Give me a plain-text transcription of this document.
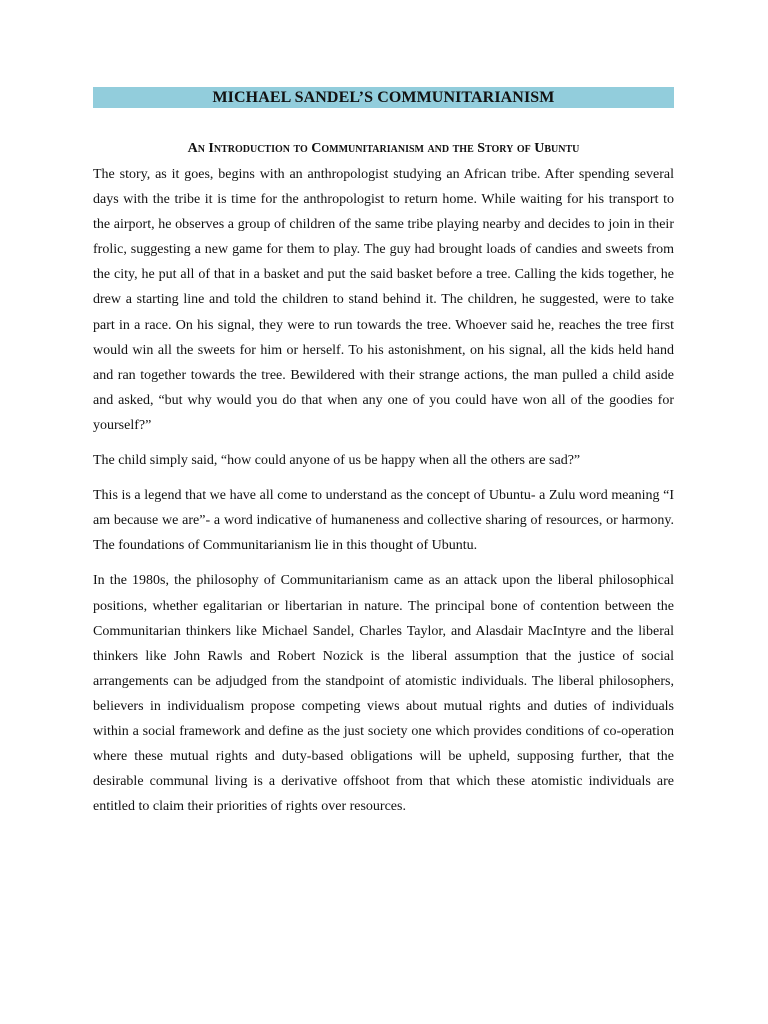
MICHAEL SANDEL’S COMMUNITARIANISM
An Introduction to Communitarianism and the Story of Ubuntu

The story, as it goes, begins with an anthropologist studying an African tribe. After spending several days with the tribe it is time for the anthropologist to return home. While waiting for his transport to the airport, he observes a group of children of the same tribe playing nearby and decides to join in their frolic, suggesting a new game for them to play. The guy had brought loads of candies and sweets from the city, he put all of that in a basket and put the said basket before a tree. Calling the kids together, he drew a starting line and told the children to stand behind it. The children, he suggested, were to take part in a race. On his signal, they were to run towards the tree. Whoever said he, reaches the tree first would win all the sweets for him or herself. To his astonishment, on his signal, all the kids held hand and ran together towards the tree. Bewildered with their strange actions, the man pulled a child aside and asked, “but why would you do that when any one of you could have won all of the goodies for yourself?”

The child simply said, “how could anyone of us be happy when all the others are sad?”

This is a legend that we have all come to understand as the concept of Ubuntu- a Zulu word meaning “I am because we are”- a word indicative of humaneness and collective sharing of resources, or harmony. The foundations of Communitarianism lie in this thought of Ubuntu.

In the 1980s, the philosophy of Communitarianism came as an attack upon the liberal philosophical positions, whether egalitarian or libertarian in nature. The principal bone of contention between the Communitarian thinkers like Michael Sandel, Charles Taylor, and Alasdair MacIntyre and the liberal thinkers like John Rawls and Robert Nozick is the liberal assumption that the justice of social arrangements can be adjudged from the standpoint of atomistic individuals. The liberal philosophers, believers in individualism propose competing views about mutual rights and duties of individuals within a social framework and define as the just society one which provides conditions of co-operation where these mutual rights and duty-based obligations will be upheld, supposing further, that the desirable communal living is a derivative offshoot from that which these atomistic individuals are entitled to claim their priorities of rights over resources.
